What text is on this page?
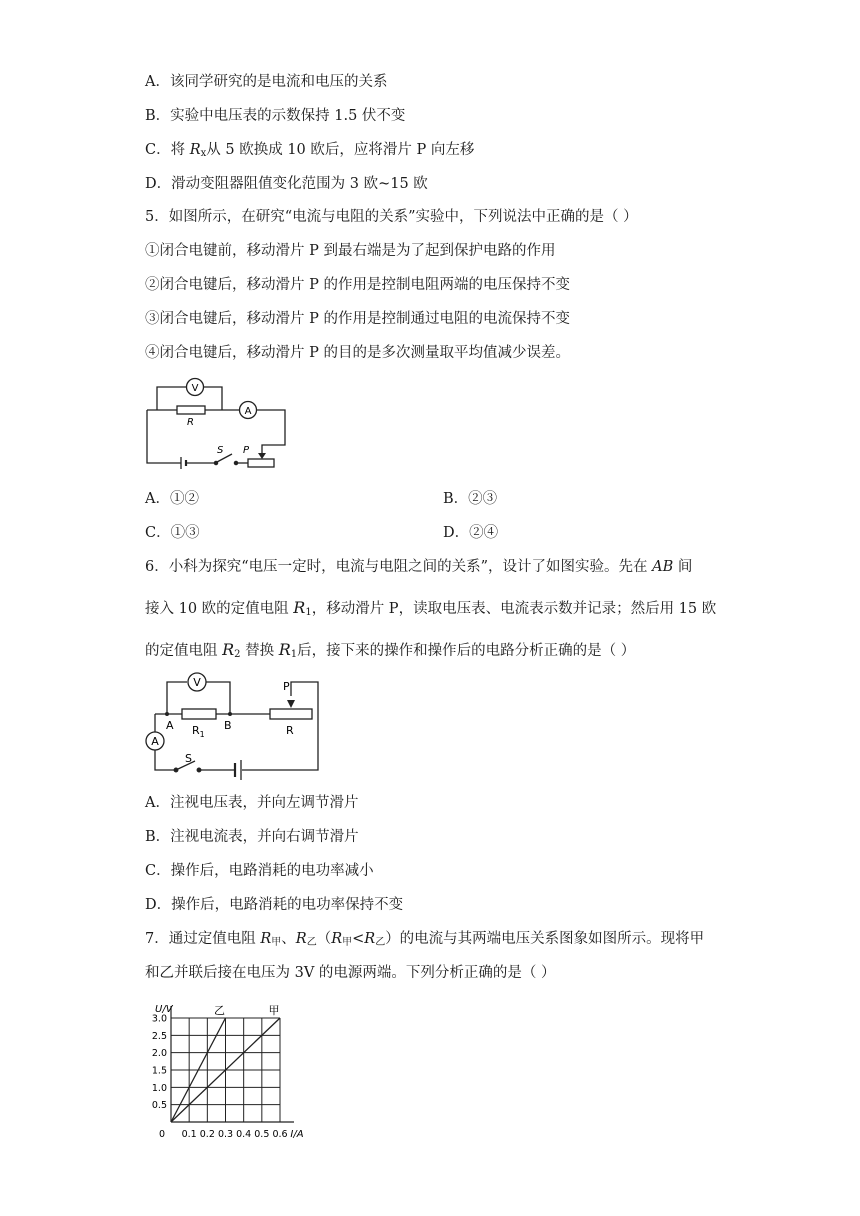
A．该同学研究的是电流和电压的关系
B．实验中电压表的示数保持 1.5 伏不变
C．将 $R_x$从 5 欧换成 10 欧后，应将滑片 P 向左移
D．滑动变阻器阻值变化范围为 3 欧~15 欧
5．如图所示，在研究“电流与电阻的关系”实验中，下列说法中正确的是（ ）
①闭合电键前，移动滑片 P 到最右端是为了起到保护电路的作用
②闭合电键后，移动滑片 P 的作用是控制电阻两端的电压保持不变
③闭合电键后，移动滑片 P 的作用是控制通过电阻的电流保持不变
④闭合电键后，移动滑片 P 的目的是多次测量取平均值减少误差。
V
A
R
S P
A．①②	B．②③
C．①③	D．②④
6．小科为探究“电压一定时，电流与电阻之间的关系”，设计了如图实验。先在 AB 间
接入 10 欧的定值电阻 $R_1$，移动滑片 P，读取电压表、电流表示数并记录；然后用 15 欧
的定值电阻 $R_2$ 替换 $R_1$后，接下来的操作和操作后的电路分析正确的是（ ）
V
A
A	B
$R_1$	R
P
S
A．注视电压表，并向左调节滑片
B．注视电流表，并向右调节滑片
C．操作后，电路消耗的电功率减小
D．操作后，电路消耗的电功率保持不变
7．通过定值电阻 $R_甲$、$R_乙(R_甲<R_乙)$的电流与其两端电压关系图象如图所示。现将甲
和乙并联后接在电压为 3V 的电源两端。下列分析正确的是（ ）
乙	甲
0.1 0.2 0.3 0.4 0.5 0.6
0.5
1.0
1.5
2.0
2.5
3.0
0	I/A
U/V
